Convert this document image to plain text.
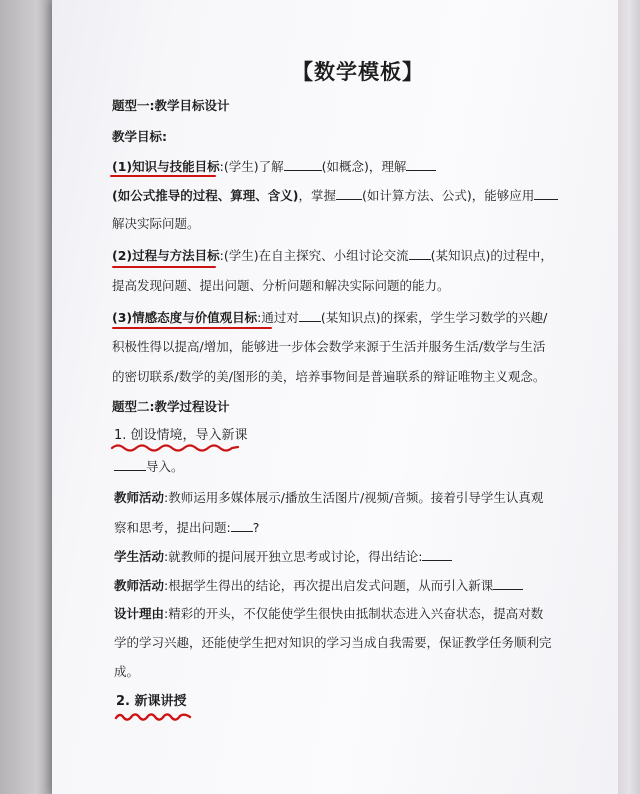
【数学模板】
题型一:教学目标设计
教学目标:
(1)知识与技能目标:(学生)了解	(如概念)，理解
(如公式推导的过程、算理、含义)，掌握 (如计算方法、公式)，能够应用
解决实际问题。
(2)过程与方法目标:(学生)在自主探究、小组讨论交流 (某知识点)的过程中，
提高发现问题、提出问题、分析问题和解决实际问题的能力。
(3)情感态度与价值观目标:通过对 (某知识点)的探索，学生学习数学的兴趣/
积极性得以提高/增加，能够进一步体会数学来源于生活并服务生活/数学与生活
的密切联系/数学的美/图形的美，培养事物间是普遍联系的辩证唯物主义观念。
题型二:教学过程设计
1. 创设情境，导入新课
导入。
教师活动:教师运用多媒体展示/播放生活图片/视频/音频。接着引导学生认真观
察和思考，提出问题: ?
学生活动:就教师的提问展开独立思考或讨论，得出结论:
教师活动:根据学生得出的结论，再次提出启发式问题，从而引入新课
设计理由:精彩的开头，不仅能使学生很快由抵制状态进入兴奋状态，提高对数
学的学习兴趣，还能使学生把对知识的学习当成自我需要，保证教学任务顺利完
成。
2. 新课讲授
